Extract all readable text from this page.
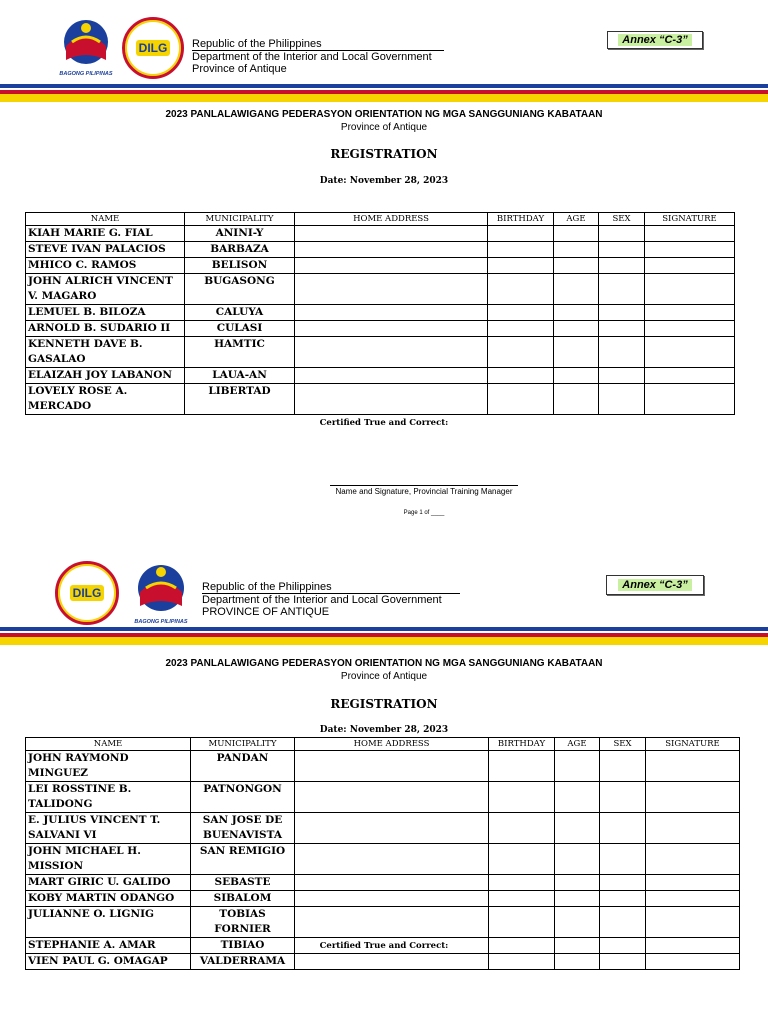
BAGONG PILIPINAS
DILG Republic of the Philippines
Department of the Interior and Local Government
Province of Antique
Annex “C-3”
2023 PANLALAWIGANG PEDERASYON ORIENTATION NG MGA SANGGUNIANG KABATAAN
Province of Antique
REGISTRATION
Date: November 28, 2023
NAME	MUNICIPALITY	HOME ADDRESS	BIRTHDAY	AGE	SEX	SIGNATURE
KIAH MARIE G. FIAL	ANINI-Y					
STEVE IVAN PALACIOS	BARBAZA					
MHICO C. RAMOS	BELISON					
JOHN ALRICH VINCENT V. MAGARO	BUGASONG					
LEMUEL B. BILOZA	CALUYA					
ARNOLD B. SUDARIO II	CULASI					
KENNETH DAVE B. GASALAO	HAMTIC					
ELAIZAH JOY LABANON	LAUA-AN					
LOVELY ROSE A. MERCADO	LIBERTAD					
Certified True and Correct:
Name and Signature, Provincial Training Manager
Page 1 of ____
DILG
BAGONG PILIPINAS
Republic of the Philippines
Department of the Interior and Local Government
PROVINCE OF ANTIQUE
Annex “C-3”
2023 PANLALAWIGANG PEDERASYON ORIENTATION NG MGA SANGGUNIANG KABATAAN
Province of Antique
REGISTRATION
Date: November 28, 2023
NAME	MUNICIPALITY	HOME ADDRESS	BIRTHDAY	AGE	SEX	SIGNATURE
JOHN RAYMOND MINGUEZ	PANDAN					
LEI ROSSTINE B. TALIDONG	PATNONGON					
E. JULIUS VINCENT T. SALVANI VI	SAN JOSE DE BUENAVISTA					
JOHN MICHAEL H. MISSION	SAN REMIGIO					
MART GIRIC U. GALIDO	SEBASTE					
KOBY MARTIN ODANGO	SIBALOM					
JULIANNE O. LIGNIG	TOBIAS FORNIER					
STEPHANIE A. AMAR	TIBIAO					
VIEN PAUL G. OMAGAP	VALDERRAMA					
Certified True and Correct:
